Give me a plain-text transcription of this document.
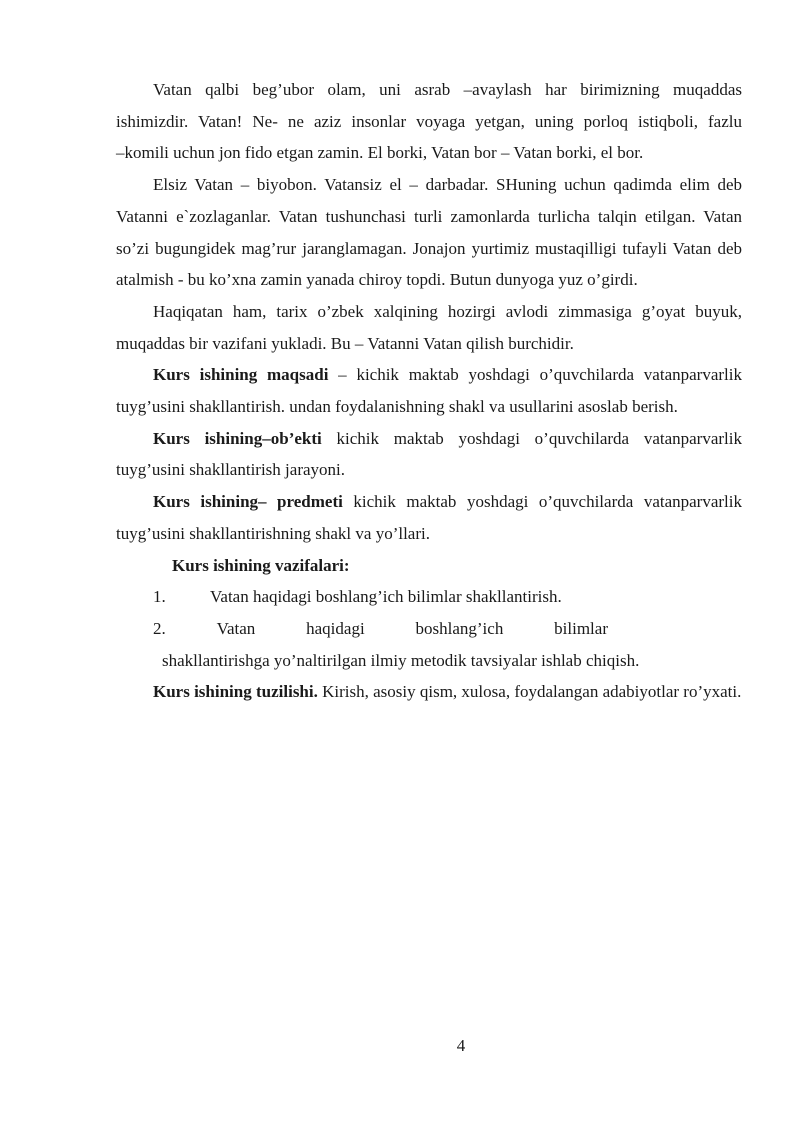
Vatan qalbi beg’ubor olam, uni asrab –avaylash har birimizning muqaddas

ishimizdir. Vatan! Ne- ne aziz insonlar voyaga yetgan, uning porloq istiqboli, fazlu

–komili uchun jon fido etgan zamin. El borki, Vatan bor – Vatan borki, el bor.

Elsiz Vatan – biyobon. Vatansiz el – darbadar. SHuning uchun qadimda elim deb Vatanni e`zozlaganlar. Vatan tushunchasi turli zamonlarda turlicha talqin etilgan. Vatan so’zi bugungidek mag’rur jaranglamagan. Jonajon yurtimiz mustaqilligi tufayli Vatan deb atalmish - bu ko’xna zamin yanada chiroy topdi. Butun dunyoga yuz o’girdi.

Haqiqatan ham, tarix o’zbek xalqining hozirgi avlodi zimmasiga g’oyat buyuk, muqaddas bir vazifani yukladi. Bu – Vatanni Vatan qilish burchidir.

Kurs ishining maqsadi – kichik maktab yoshdagi o’quvchilarda vatanparvarlik tuyg’usini shakllantirish. undan foydalanishning shakl va usullarini asoslab berish.

Kurs ishining–ob’ekti kichik maktab yoshdagi o’quvchilarda vatanparvarlik tuyg’usini shakllantirish jarayoni.

Kurs ishining– predmeti kichik maktab yoshdagi o’quvchilarda vatanparvarlik tuyg’usini shakllantirishning shakl va yo’llari.

Kurs ishining vazifalari:

1.	Vatan haqidagi boshlang’ich bilimlar shakllantirish.
2.	Vatan	haqidagi	boshlang’ich	bilimlar
shakllantirishga yo’naltirilgan ilmiy metodik tavsiyalar ishlab chiqish.

Kurs ishining tuzilishi. Kirish, asosiy qism, xulosa, foydalangan adabiyotlar ro’yxati.

4
